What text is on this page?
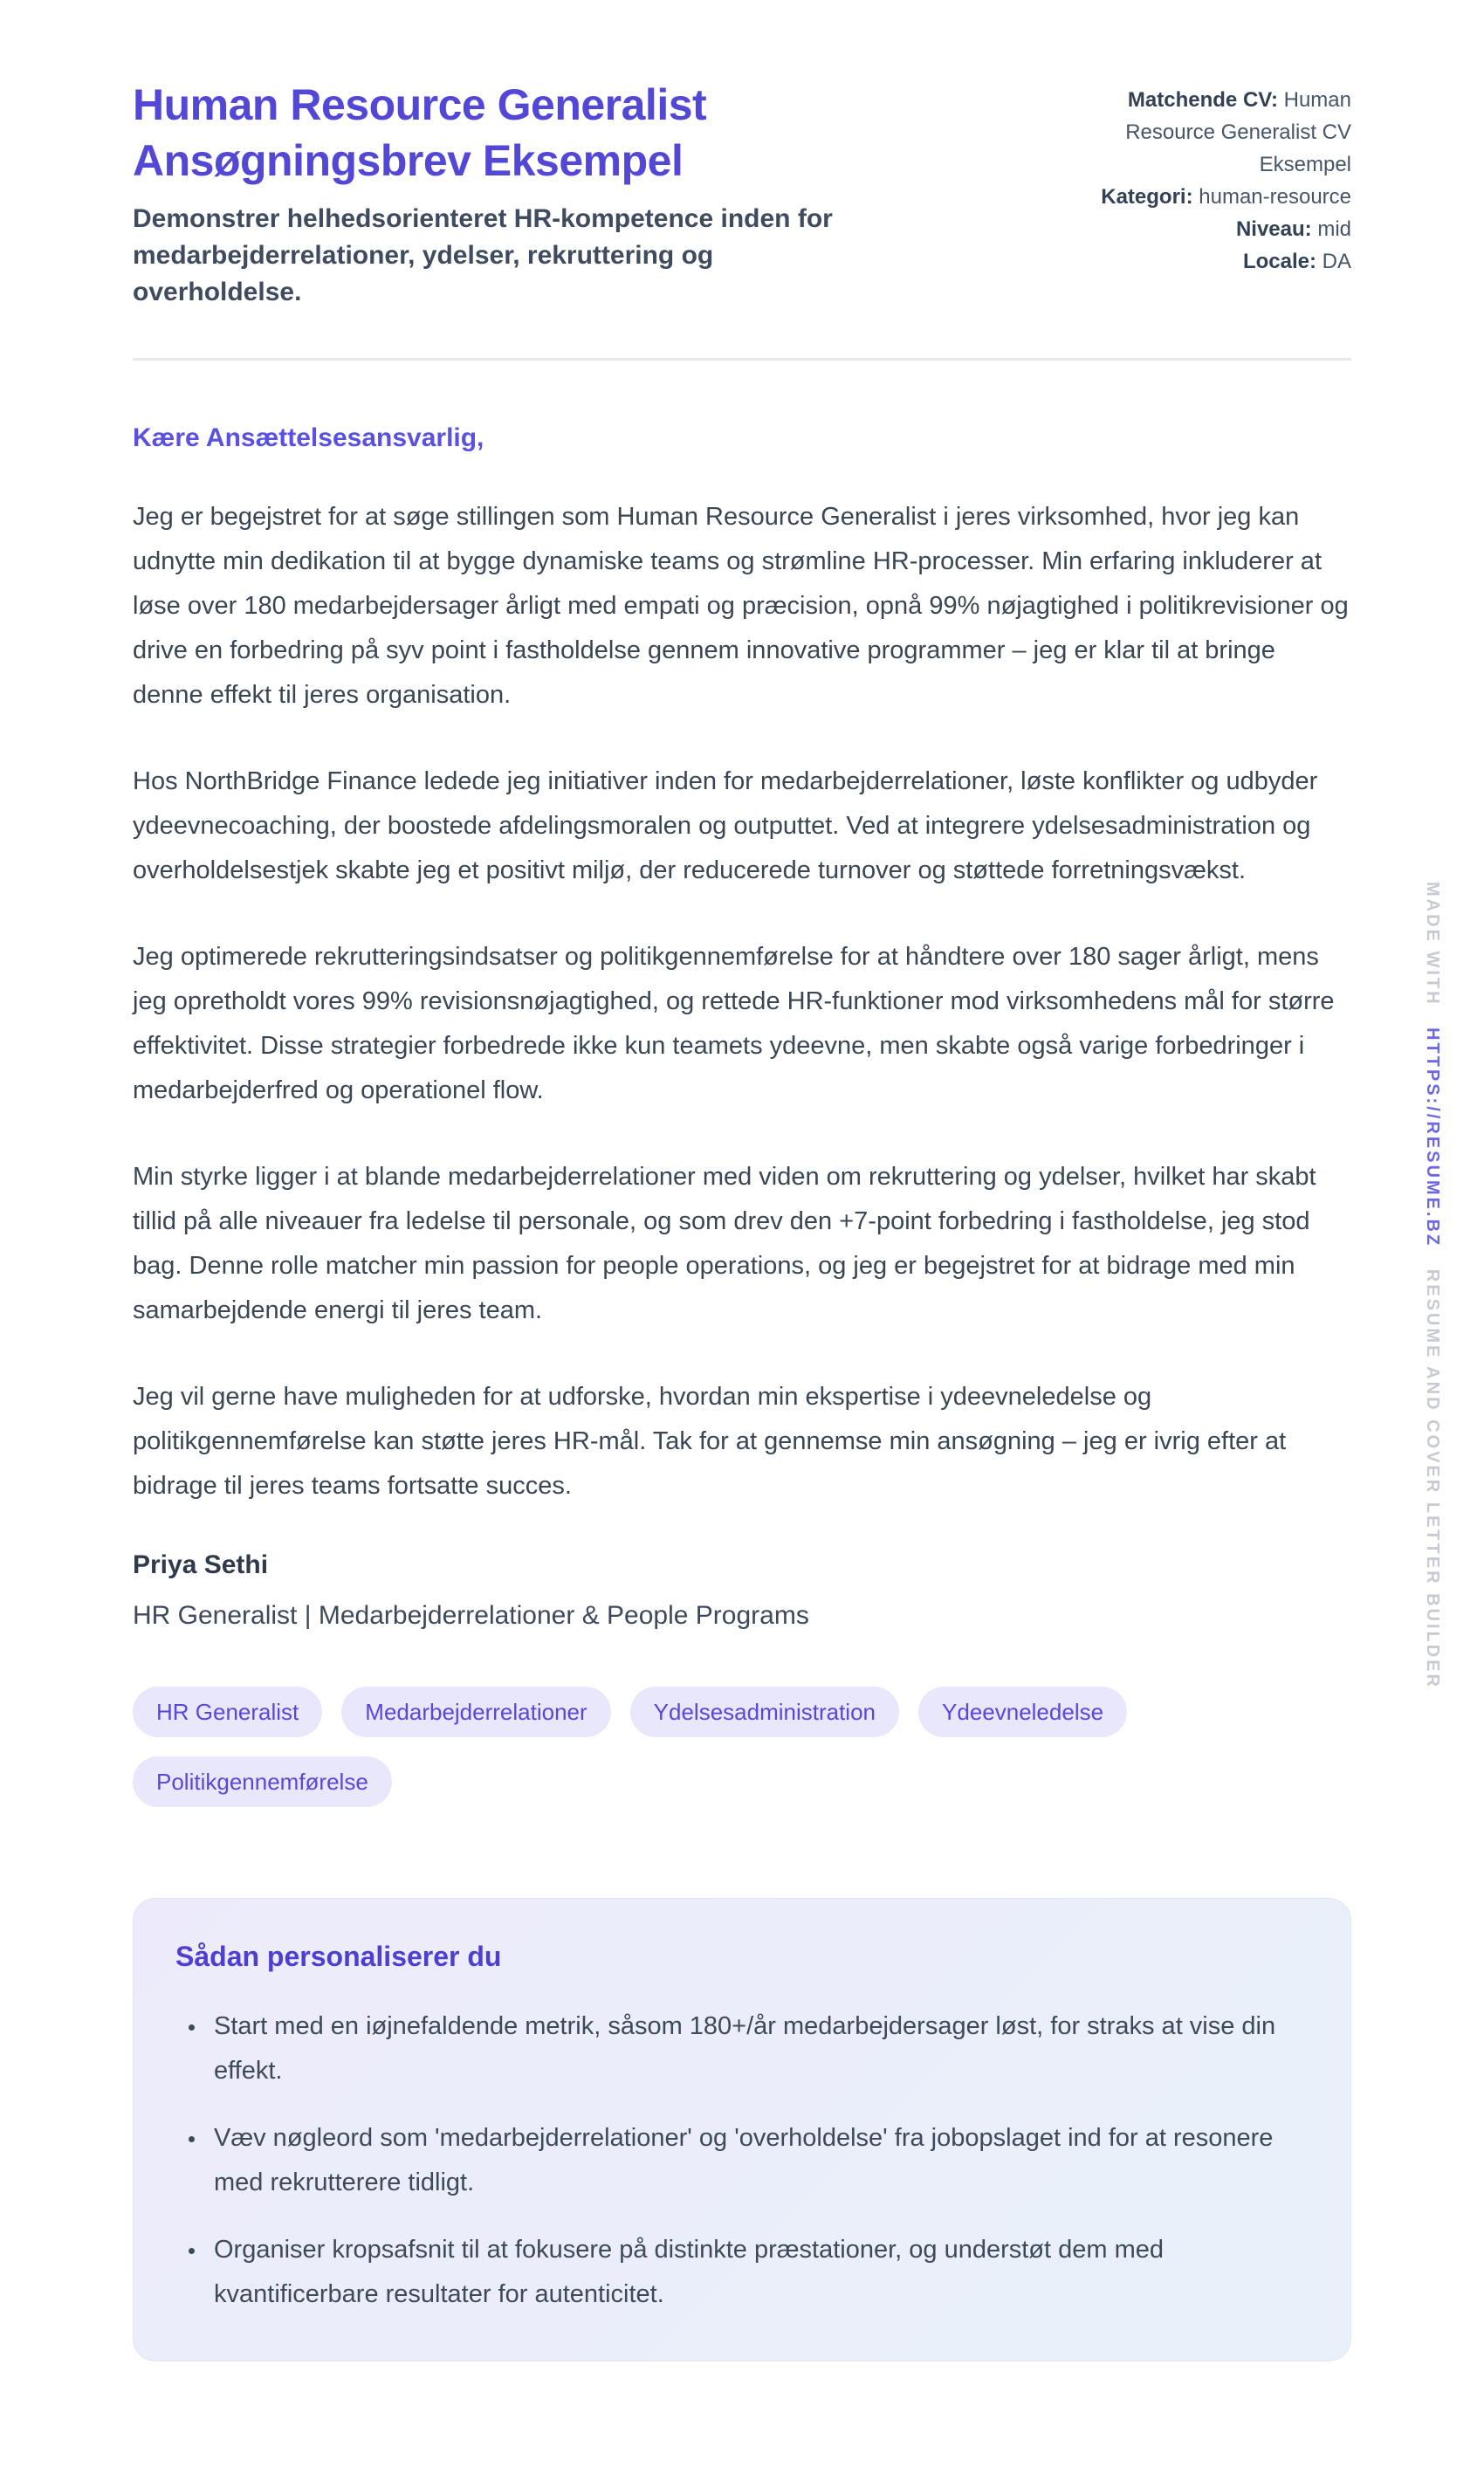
Human Resource Generalist Ansøgningsbrev Eksempel

Demonstrer helhedsorienteret HR-kompetence inden for medarbejderrelationer, ydelser, rekruttering og overholdelse.

Matchende CV: Human Resource Generalist CV Eksempel
Kategori: human-resource
Niveau: mid
Locale: DA

Kære Ansættelsesansvarlig,

Jeg er begejstret for at søge stillingen som Human Resource Generalist i jeres virksomhed, hvor jeg kan udnytte min dedikation til at bygge dynamiske teams og strømline HR-processer. Min erfaring inkluderer at løse over 180 medarbejdersager årligt med empati og præcision, opnå 99% nøjagtighed i politikrevisioner og drive en forbedring på syv point i fastholdelse gennem innovative programmer – jeg er klar til at bringe denne effekt til jeres organisation.

Hos NorthBridge Finance ledede jeg initiativer inden for medarbejderrelationer, løste konflikter og udbyder ydeevnecoaching, der boostede afdelingsmoralen og outputtet. Ved at integrere ydelsesadministration og overholdelsestjek skabte jeg et positivt miljø, der reducerede turnover og støttede forretningsvækst.

Jeg optimerede rekrutteringsindsatser og politikgennemførelse for at håndtere over 180 sager årligt, mens jeg opretholdt vores 99% revisionsnøjagtighed, og rettede HR-funktioner mod virksomhedens mål for større effektivitet. Disse strategier forbedrede ikke kun teamets ydeevne, men skabte også varige forbedringer i medarbejderfred og operationel flow.

Min styrke ligger i at blande medarbejderrelationer med viden om rekruttering og ydelser, hvilket har skabt tillid på alle niveauer fra ledelse til personale, og som drev den +7-point forbedring i fastholdelse, jeg stod bag. Denne rolle matcher min passion for people operations, og jeg er begejstret for at bidrage med min samarbejdende energi til jeres team.

Jeg vil gerne have muligheden for at udforske, hvordan min ekspertise i ydeevneledelse og politikgennemførelse kan støtte jeres HR-mål. Tak for at gennemse min ansøgning – jeg er ivrig efter at bidrage til jeres teams fortsatte succes.

Priya Sethi

HR Generalist | Medarbejderrelationer & People Programs

HR Generalist	Medarbejderrelationer	Ydelsesadministration	Ydeevneledelse
Politikgennemførelse
Sådan personaliserer du
• Start med en iøjnefaldende metrik, såsom 180+/år medarbejdersager løst, for straks at vise din effekt.
• Væv nøgleord som 'medarbejderrelationer' og 'overholdelse' fra jobopslaget ind for at resonere med rekrutterere tidligt.
• Organiser kropsafsnit til at fokusere på distinkte præstationer, og understøt dem med kvantificerbare resultater for autenticitet.
MADE WITH HTTPS://RESUME.BZ RESUME AND COVER LETTER BUILDER
